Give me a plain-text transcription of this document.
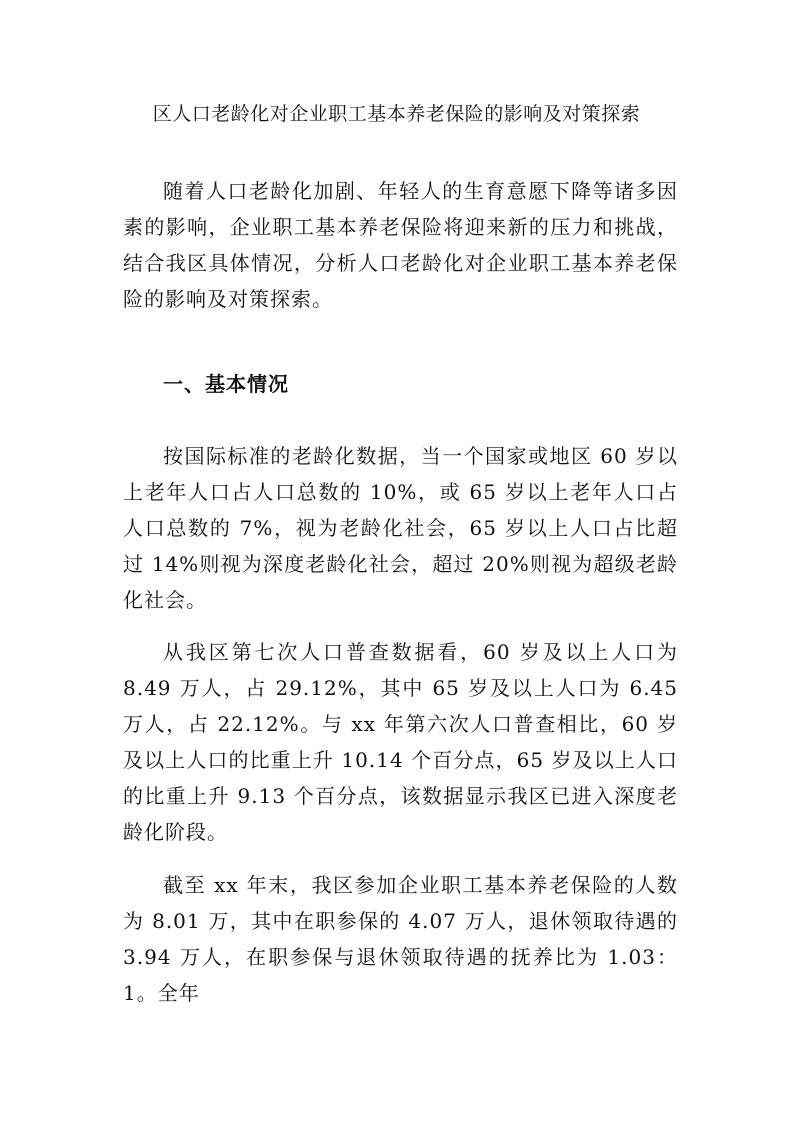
区人口老龄化对企业职工基本养老保险的影响及对策探索

随着人口老龄化加剧、年轻人的生育意愿下降等诸多因素的影响，企业职工基本养老保险将迎来新的压力和挑战，结合我区具体情况，分析人口老龄化对企业职工基本养老保险的影响及对策探索。

一、基本情况

按国际标准的老龄化数据，当一个国家或地区 60 岁以上老年人口占人口总数的 10%，或 65 岁以上老年人口占人口总数的 7%，视为老龄化社会，65 岁以上人口占比超过 14%则视为深度老龄化社会，超过 20%则视为超级老龄化社会。

从我区第七次人口普查数据看，60 岁及以上人口为 8.49 万人，占 29.12%，其中 65 岁及以上人口为 6.45 万人，占 22.12%。与 xx 年第六次人口普查相比，60 岁及以上人口的比重上升 10.14 个百分点，65 岁及以上人口的比重上升 9.13 个百分点，该数据显示我区已进入深度老龄化阶段。

截至 xx 年末，我区参加企业职工基本养老保险的人数为 8.01 万，其中在职参保的 4.07 万人，退休领取待遇的 3.94 万人，在职参保与退休领取待遇的抚养比为 1.03：1。全年
